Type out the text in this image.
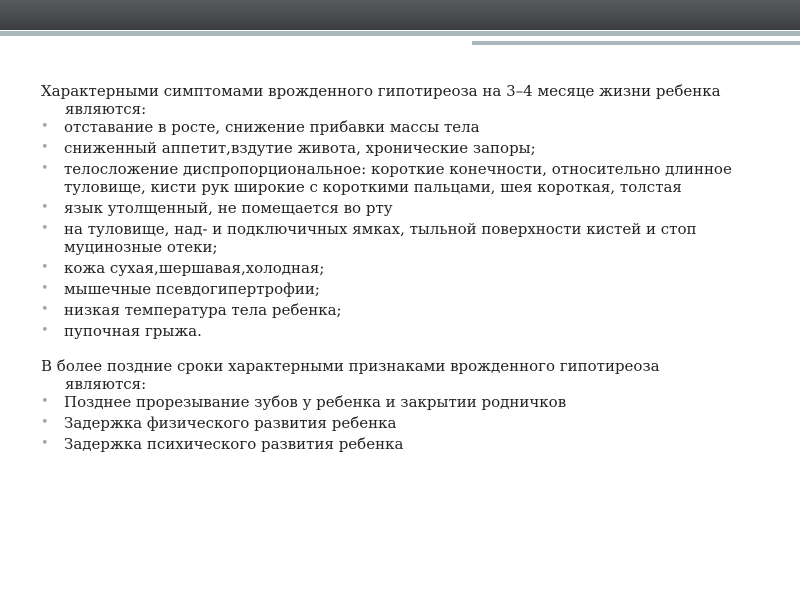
Характерными симптомами врожденного гипотиреоза на 3–4 месяце жизни ребенка являются:

• отставание в росте, снижение прибавки массы тела
• сниженный аппетит,вздутие живота, хронические запоры;
• телосложение диспропорциональное: короткие конечности, относительно длинное туловище, кисти рук широкие с короткими пальцами, шея короткая, толстая
• язык утолщенный, не помещается во рту
• на туловище, над- и подключичных ямках, тыльной поверхности кистей и стоп муцинозные отеки;
• кожа сухая,шершавая,холодная;
• мышечные псевдогипертрофии;
• низкая температура тела ребенка;
• пупочная грыжа.

В более поздние сроки характерными признаками врожденного гипотиреоза являются:

• Позднее прорезывание зубов у ребенка и закрытии родничков
• Задержка физического развития ребенка
• Задержка психического развития ребенка
